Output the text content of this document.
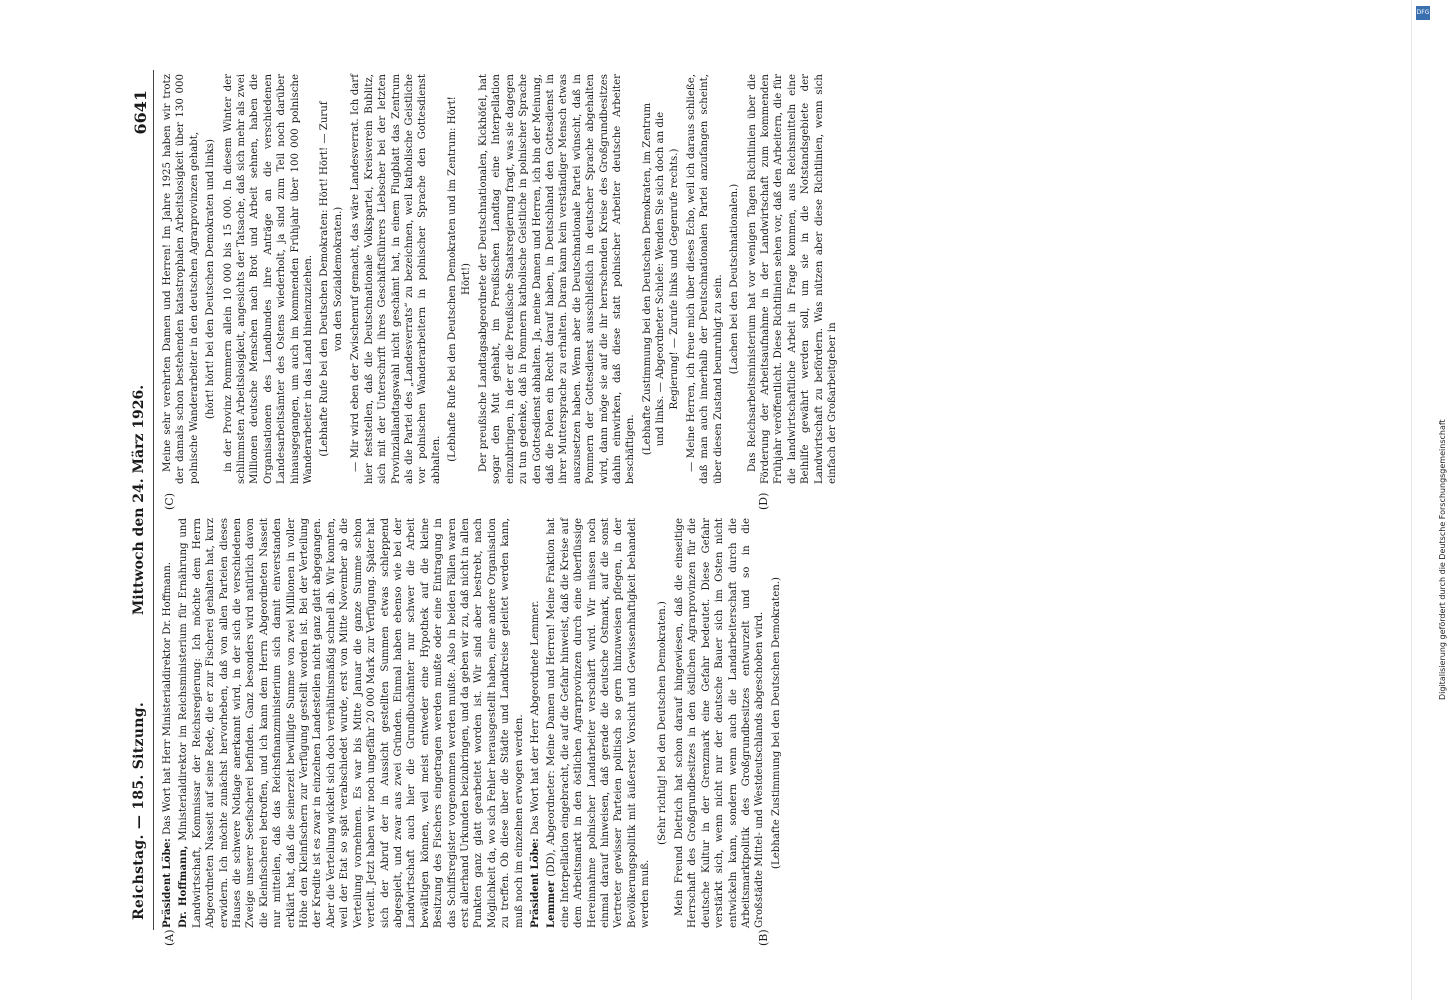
Reichstag. — 185. Sitzung.
Mittwoch den 24. März 1926.
6641
(A)	(B)
(C)	(D)

Präsident Löbe: Das Wort hat Herr Ministerialdirektor Dr. Hoffmann.

Dr. Hoffmann, Ministerialdirektor im Reichsministerium für Ernährung und Landwirtschaft, Kommissar der Reichsregierung: Ich möchte dem Herrn Abgeordneten Nasseit auf seine Rede, die er zur Fischerei gehalten hat, kurz erwidern. Ich möchte zunächst hervorheben, daß von allen Parteien dieses Hauses die schwere Notlage anerkannt wird, in der sich die verschiedenen Zweige unserer Seefischerei befinden. Ganz besonders wird natürlich davon die Kleinfischerei betroffen, und ich kann dem Herrn Abgeordneten Nasseit nur mitteilen, daß das Reichsfinanzministerium sich damit einverstanden erklärt hat, daß die seinerzeit bewilligte Summe von zwei Millionen in voller Höhe den Kleinfischern zur Verfügung gestellt worden ist. Bei der Verteilung der Kredite ist es zwar in einzelnen Landesteilen nicht ganz glatt abgegangen. Aber die Verteilung wickelt sich doch verhältnismäßig schnell ab. Wir konnten, weil der Etat so spät verabschiedet wurde, erst von Mitte November ab die Verteilung vornehmen. Es war bis Mitte Januar die ganze Summe schon verteilt. Jetzt haben wir noch ungefähr 20 000 Mark zur Verfügung. Später hat sich der Abruf der in Aussicht gestellten Summen etwas schleppend abgespielt, und zwar aus zwei Gründen. Einmal haben ebenso wie bei der Landwirtschaft auch hier die Grundbuchämter nur schwer die Arbeit bewältigen können, weil meist entweder eine Hypothek auf die kleine Besitzung des Fischers eingetragen werden mußte oder eine Eintragung in das Schiffsregister vorgenommen werden mußte. Also in beiden Fällen waren erst allerhand Urkunden beizubringen, und da geben wir zu, daß nicht in allen Punkten ganz glatt gearbeitet worden ist. Wir sind aber bestrebt, nach Möglichkeit da, wo sich Fehler herausgestellt haben, eine andere Organisation zu treffen. Ob diese über die Städte und Landkreise geleitet werden kann, muß noch im einzelnen erwogen werden. Präsident Löbe: Das Wort hat der Herr Abgeordnete Lemmer.

Lemmer (DD), Abgeordneter: Meine Damen und Herren! Meine Fraktion hat eine Interpellation eingebracht, die auf die Gefahr hinweist, daß die Kreise auf dem Arbeitsmarkt in den östlichen Agrarprovinzen durch eine überflüssige Hereinnahme polnischer Landarbeiter verschärft wird. Wir müssen noch einmal darauf hinweisen, daß gerade die deutsche Ostmark, auf die sonst Vertreter gewisser Parteien politisch so gern hinzuweisen pflegen, in der Bevölkerungspolitik mit äußerster Vorsicht und Gewissenhaftigkeit behandelt werden muß.

(Sehr richtig! bei den Deutschen Demokraten.) Mein Freund Dietrich hat schon darauf hingewiesen, daß die einseitige Herrschaft des Großgrundbesitzes in den östlichen Agrarprovinzen für die deutsche Kultur in der Grenzmark eine Gefahr bedeutet. Diese Gefahr verstärkt sich, wenn nicht nur der deutsche Bauer sich im Osten nicht entwickeln kann, sondern wenn auch die Landarbeiterschaft durch die Arbeitsmarktpolitik des Großgrundbesitzes entwurzelt und so in die Großstädte Mittel- und Westdeutschlands abgeschoben wird. (Lebhafte Zustimmung bei den Deutschen Demokraten.)

Meine sehr verehrten Damen und Herren! Im Jahre 1925 haben wir trotz der damals schon bestehenden katastrophalen Arbeitslosigkeit über 130 000 polnische Wanderarbeiter in den deutschen Agrarprovinzen gehabt, (hört! hört! bei den Deutschen Demokraten und links) in der Provinz Pommern allein 10 000 bis 15 000. In diesem Winter der schlimmsten Arbeitslosigkeit, angesichts der Tatsache, daß sich mehr als zwei Millionen deutsche Menschen nach Brot und Arbeit sehnen, haben die Organisationen des Landbundes ihre Anträge an die verschiedenen Landesarbeitsämter des Ostens wiederholt, ja sind zum Teil noch darüber hinausgegangen, um auch im kommenden Frühjahr über 100 000 polnische Wanderarbeiter in das Land hineinzuziehen. (Lebhafte Rufe bei den Deutschen Demokraten: Hört! Hört! — Zuruf von den Sozialdemokraten.) — Mir wird eben der Zwischenruf gemacht, das wäre Landesverrat. Ich darf hier feststellen, daß die Deutschnationale Volkspartei, Kreisverein Bublitz, sich mit der Unterschrift ihres Geschäftsführers Liebscher bei der letzten Provinziallandtagswahl nicht geschämt hat, in einem Flugblatt das Zentrum als die Partei des „Landesverrats“ zu bezeichnen, weil katholische Geistliche vor polnischen Wanderarbeitern in polnischer Sprache den Gottesdienst abhalten. (Lebhafte Rufe bei den Deutschen Demokraten und im Zentrum: Hört! Hört!) Der preußische Landtagsabgeordnete der Deutschnationalen, Kickhöfel, hat sogar den Mut gehabt, im Preußischen Landtag eine Interpellation einzubringen, in der er die Preußische Staatsregierung fragt, was sie dagegen zu tun gedenke, daß in Pommern katholische Geistliche in polnischer Sprache den Gottesdienst abhalten. Ja, meine Damen und Herren, ich bin der Meinung, daß die Polen ein Recht darauf haben, in Deutschland den Gottesdienst in ihrer Muttersprache zu erhalten. Daran kann kein verständiger Mensch etwas auszusetzen haben. Wenn aber die Deutschnationale Partei wünscht, daß in Pommern der Gottesdienst ausschließlich in deutscher Sprache abgehalten wird, dann möge sie auf die ihr herrschenden Kreise des Großgrundbesitzes dahin einwirken, daß diese statt polnischer Arbeiter deutsche Arbeiter beschäftigen. (Lebhafte Zustimmung bei den Deutschen Demokraten, im Zentrum und links. — Abgeordneter Schiele: Wenden Sie sich doch an die Regierung! — Zurufe links und Gegenrufe rechts.) — Meine Herren, ich freue mich über dieses Echo, weil ich daraus schließe, daß man auch innerhalb der Deutschnationalen Partei anzufangen scheint, über diesen Zustand beunruhigt zu sein. (Lachen bei den Deutschnationalen.) Das Reichsarbeitsministerium hat vor wenigen Tagen Richtlinien über die Förderung der Arbeitsaufnahme in der Landwirtschaft zum kommenden Frühjahr veröffentlicht. Diese Richtlinien sehen vor, daß den Arbeitern, die für die landwirtschaftliche Arbeit in Frage kommen, aus Reichsmitteln eine Beihilfe gewährt werden soll, um sie in die Notstandsgebiete der Landwirtschaft zu befördern. Was nützen aber diese Richtlinien, wenn sich einfach der Großarbeitgeber in

DFG
Digitalisierung gefördert durch die Deutsche Forschungsgemeinschaft
